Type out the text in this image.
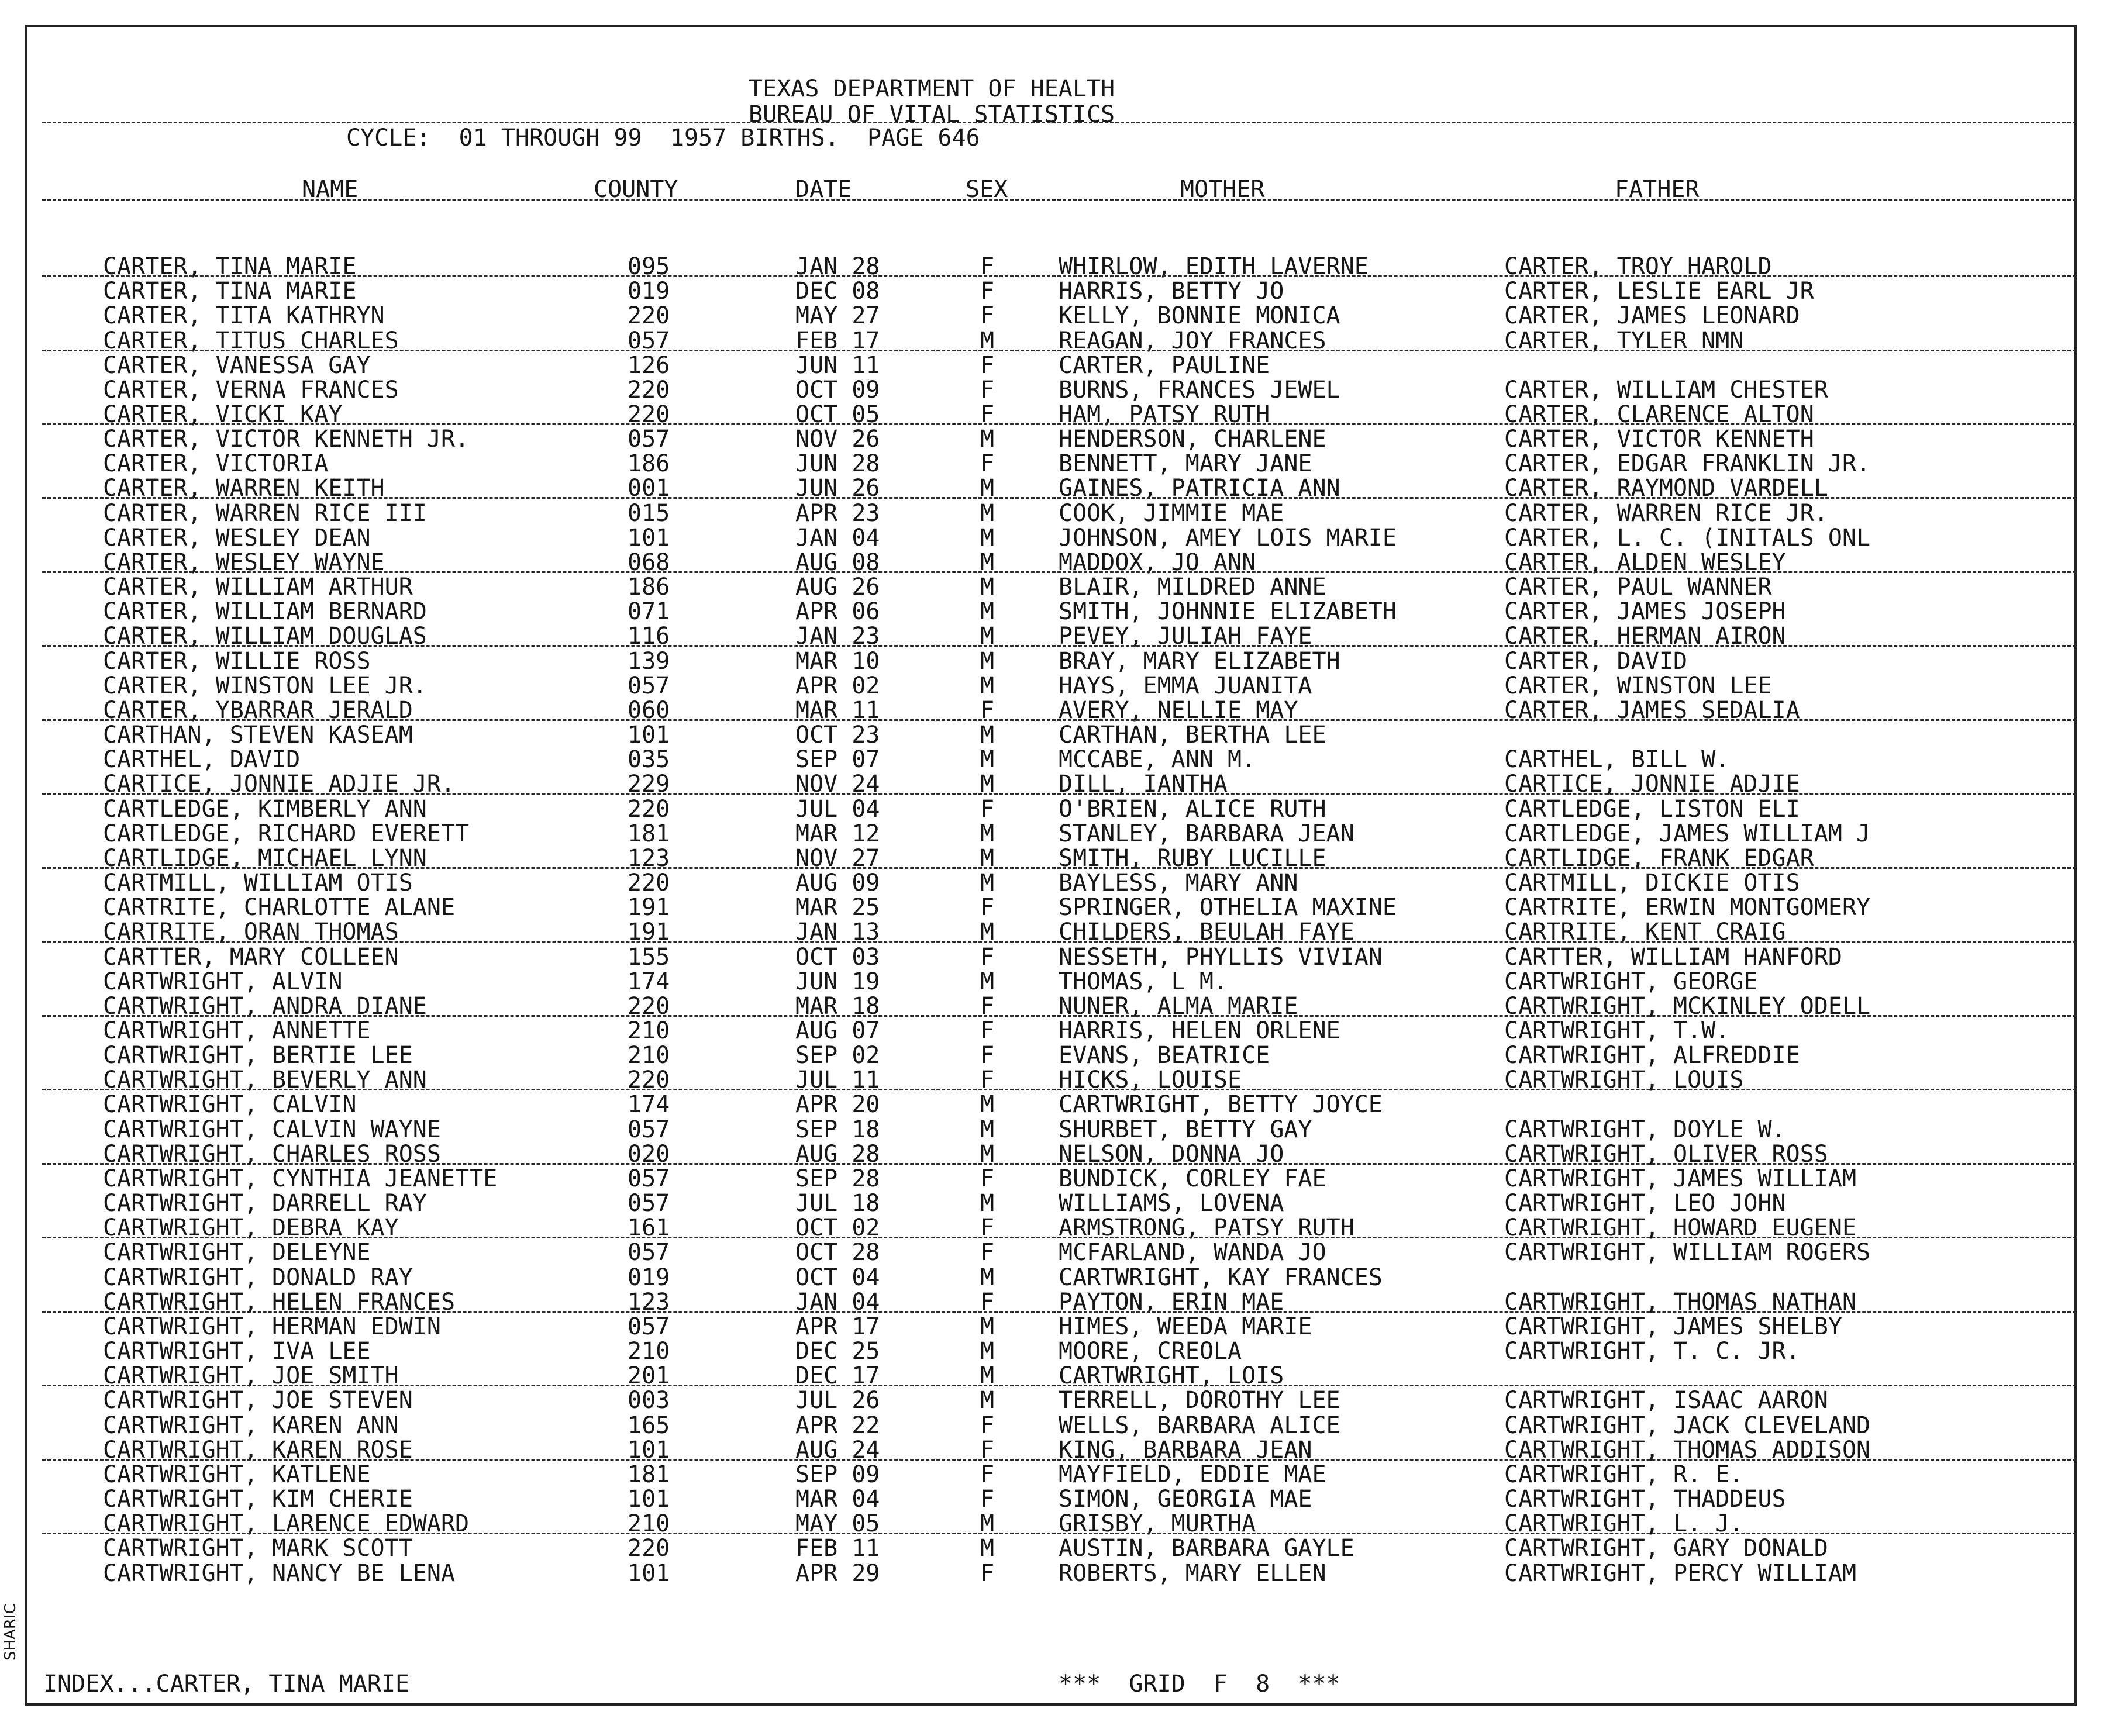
TEXAS DEPARTMENT OF HEALTH
BUREAU OF VITAL STATISTICS
CYCLE:  01 THROUGH 99  1957 BIRTHS.  PAGE 646
NAME	COUNTY	DATE	SEX	MOTHER	FATHER
CARTER, TINA MARIE	095	JAN 28	F	WHIRLOW, EDITH LAVERNE	CARTER, TROY HAROLD
CARTER, TINA MARIE	019	DEC 08	F	HARRIS, BETTY JO	CARTER, LESLIE EARL JR
CARTER, TITA KATHRYN	220	MAY 27	F	KELLY, BONNIE MONICA	CARTER, JAMES LEONARD
CARTER, TITUS CHARLES	057	FEB 17	M	REAGAN, JOY FRANCES	CARTER, TYLER NMN
CARTER, VANESSA GAY	126	JUN 11	F	CARTER, PAULINE
CARTER, VERNA FRANCES	220	OCT 09	F	BURNS, FRANCES JEWEL	CARTER, WILLIAM CHESTER
CARTER, VICKI KAY	220	OCT 05	F	HAM, PATSY RUTH	CARTER, CLARENCE ALTON
CARTER, VICTOR KENNETH JR.	057	NOV 26	M	HENDERSON, CHARLENE	CARTER, VICTOR KENNETH
CARTER, VICTORIA	186	JUN 28	F	BENNETT, MARY JANE	CARTER, EDGAR FRANKLIN JR.
CARTER, WARREN KEITH	001	JUN 26	M	GAINES, PATRICIA ANN	CARTER, RAYMOND VARDELL
CARTER, WARREN RICE III	015	APR 23	M	COOK, JIMMIE MAE	CARTER, WARREN RICE JR.
CARTER, WESLEY DEAN	101	JAN 04	M	JOHNSON, AMEY LOIS MARIE	CARTER, L. C. (INITALS ONL
CARTER, WESLEY WAYNE	068	AUG 08	M	MADDOX, JO ANN	CARTER, ALDEN WESLEY
CARTER, WILLIAM ARTHUR	186	AUG 26	M	BLAIR, MILDRED ANNE	CARTER, PAUL WANNER
CARTER, WILLIAM BERNARD	071	APR 06	M	SMITH, JOHNNIE ELIZABETH	CARTER, JAMES JOSEPH
CARTER, WILLIAM DOUGLAS	116	JAN 23	M	PEVEY, JULIAH FAYE	CARTER, HERMAN AIRON
CARTER, WILLIE ROSS	139	MAR 10	M	BRAY, MARY ELIZABETH	CARTER, DAVID
CARTER, WINSTON LEE JR.	057	APR 02	M	HAYS, EMMA JUANITA	CARTER, WINSTON LEE
CARTER, YBARRAR JERALD	060	MAR 11	F	AVERY, NELLIE MAY	CARTER, JAMES SEDALIA
CARTHAN, STEVEN KASEAM	101	OCT 23	M	CARTHAN, BERTHA LEE
CARTHEL, DAVID	035	SEP 07	M	MCCABE, ANN M.	CARTHEL, BILL W.
CARTICE, JONNIE ADJIE JR.	229	NOV 24	M	DILL, IANTHA	CARTICE, JONNIE ADJIE
CARTLEDGE, KIMBERLY ANN	220	JUL 04	F	O'BRIEN, ALICE RUTH	CARTLEDGE, LISTON ELI
CARTLEDGE, RICHARD EVERETT	181	MAR 12	M	STANLEY, BARBARA JEAN	CARTLEDGE, JAMES WILLIAM J
CARTLIDGE, MICHAEL LYNN	123	NOV 27	M	SMITH, RUBY LUCILLE	CARTLIDGE, FRANK EDGAR
CARTMILL, WILLIAM OTIS	220	AUG 09	M	BAYLESS, MARY ANN	CARTMILL, DICKIE OTIS
CARTRITE, CHARLOTTE ALANE	191	MAR 25	F	SPRINGER, OTHELIA MAXINE	CARTRITE, ERWIN MONTGOMERY
CARTRITE, ORAN THOMAS	191	JAN 13	M	CHILDERS, BEULAH FAYE	CARTRITE, KENT CRAIG
CARTTER, MARY COLLEEN	155	OCT 03	F	NESSETH, PHYLLIS VIVIAN	CARTTER, WILLIAM HANFORD
CARTWRIGHT, ALVIN	174	JUN 19	M	THOMAS, L M.	CARTWRIGHT, GEORGE
CARTWRIGHT, ANDRA DIANE	220	MAR 18	F	NUNER, ALMA MARIE	CARTWRIGHT, MCKINLEY ODELL
CARTWRIGHT, ANNETTE	210	AUG 07	F	HARRIS, HELEN ORLENE	CARTWRIGHT, T.W.
CARTWRIGHT, BERTIE LEE	210	SEP 02	F	EVANS, BEATRICE	CARTWRIGHT, ALFREDDIE
CARTWRIGHT, BEVERLY ANN	220	JUL 11	F	HICKS, LOUISE	CARTWRIGHT, LOUIS
CARTWRIGHT, CALVIN	174	APR 20	M	CARTWRIGHT, BETTY JOYCE
CARTWRIGHT, CALVIN WAYNE	057	SEP 18	M	SHURBET, BETTY GAY	CARTWRIGHT, DOYLE W.
CARTWRIGHT, CHARLES ROSS	020	AUG 28	M	NELSON, DONNA JO	CARTWRIGHT, OLIVER ROSS
CARTWRIGHT, CYNTHIA JEANETTE	057	SEP 28	F	BUNDICK, CORLEY FAE	CARTWRIGHT, JAMES WILLIAM
CARTWRIGHT, DARRELL RAY	057	JUL 18	M	WILLIAMS, LOVENA	CARTWRIGHT, LEO JOHN
CARTWRIGHT, DEBRA KAY	161	OCT 02	F	ARMSTRONG, PATSY RUTH	CARTWRIGHT, HOWARD EUGENE
CARTWRIGHT, DELEYNE	057	OCT 28	F	MCFARLAND, WANDA JO	CARTWRIGHT, WILLIAM ROGERS
CARTWRIGHT, DONALD RAY	019	OCT 04	M	CARTWRIGHT, KAY FRANCES
CARTWRIGHT, HELEN FRANCES	123	JAN 04	F	PAYTON, ERIN MAE	CARTWRIGHT, THOMAS NATHAN
CARTWRIGHT, HERMAN EDWIN	057	APR 17	M	HIMES, WEEDA MARIE	CARTWRIGHT, JAMES SHELBY
CARTWRIGHT, IVA LEE	210	DEC 25	M	MOORE, CREOLA	CARTWRIGHT, T. C. JR.
CARTWRIGHT, JOE SMITH	201	DEC 17	M	CARTWRIGHT, LOIS
CARTWRIGHT, JOE STEVEN	003	JUL 26	M	TERRELL, DOROTHY LEE	CARTWRIGHT, ISAAC AARON
CARTWRIGHT, KAREN ANN	165	APR 22	F	WELLS, BARBARA ALICE	CARTWRIGHT, JACK CLEVELAND
CARTWRIGHT, KAREN ROSE	101	AUG 24	F	KING, BARBARA JEAN	CARTWRIGHT, THOMAS ADDISON
CARTWRIGHT, KATLENE	181	SEP 09	F	MAYFIELD, EDDIE MAE	CARTWRIGHT, R. E.
CARTWRIGHT, KIM CHERIE	101	MAR 04	F	SIMON, GEORGIA MAE	CARTWRIGHT, THADDEUS
CARTWRIGHT, LARENCE EDWARD	210	MAY 05	M	GRISBY, MURTHA	CARTWRIGHT, L. J.
CARTWRIGHT, MARK SCOTT	220	FEB 11	M	AUSTIN, BARBARA GAYLE	CARTWRIGHT, GARY DONALD
CARTWRIGHT, NANCY BE LENA	101	APR 29	F	ROBERTS, MARY ELLEN	CARTWRIGHT, PERCY WILLIAM
INDEX...CARTER, TINA MARIE	***  GRID  F  8  ***
SHARIC
